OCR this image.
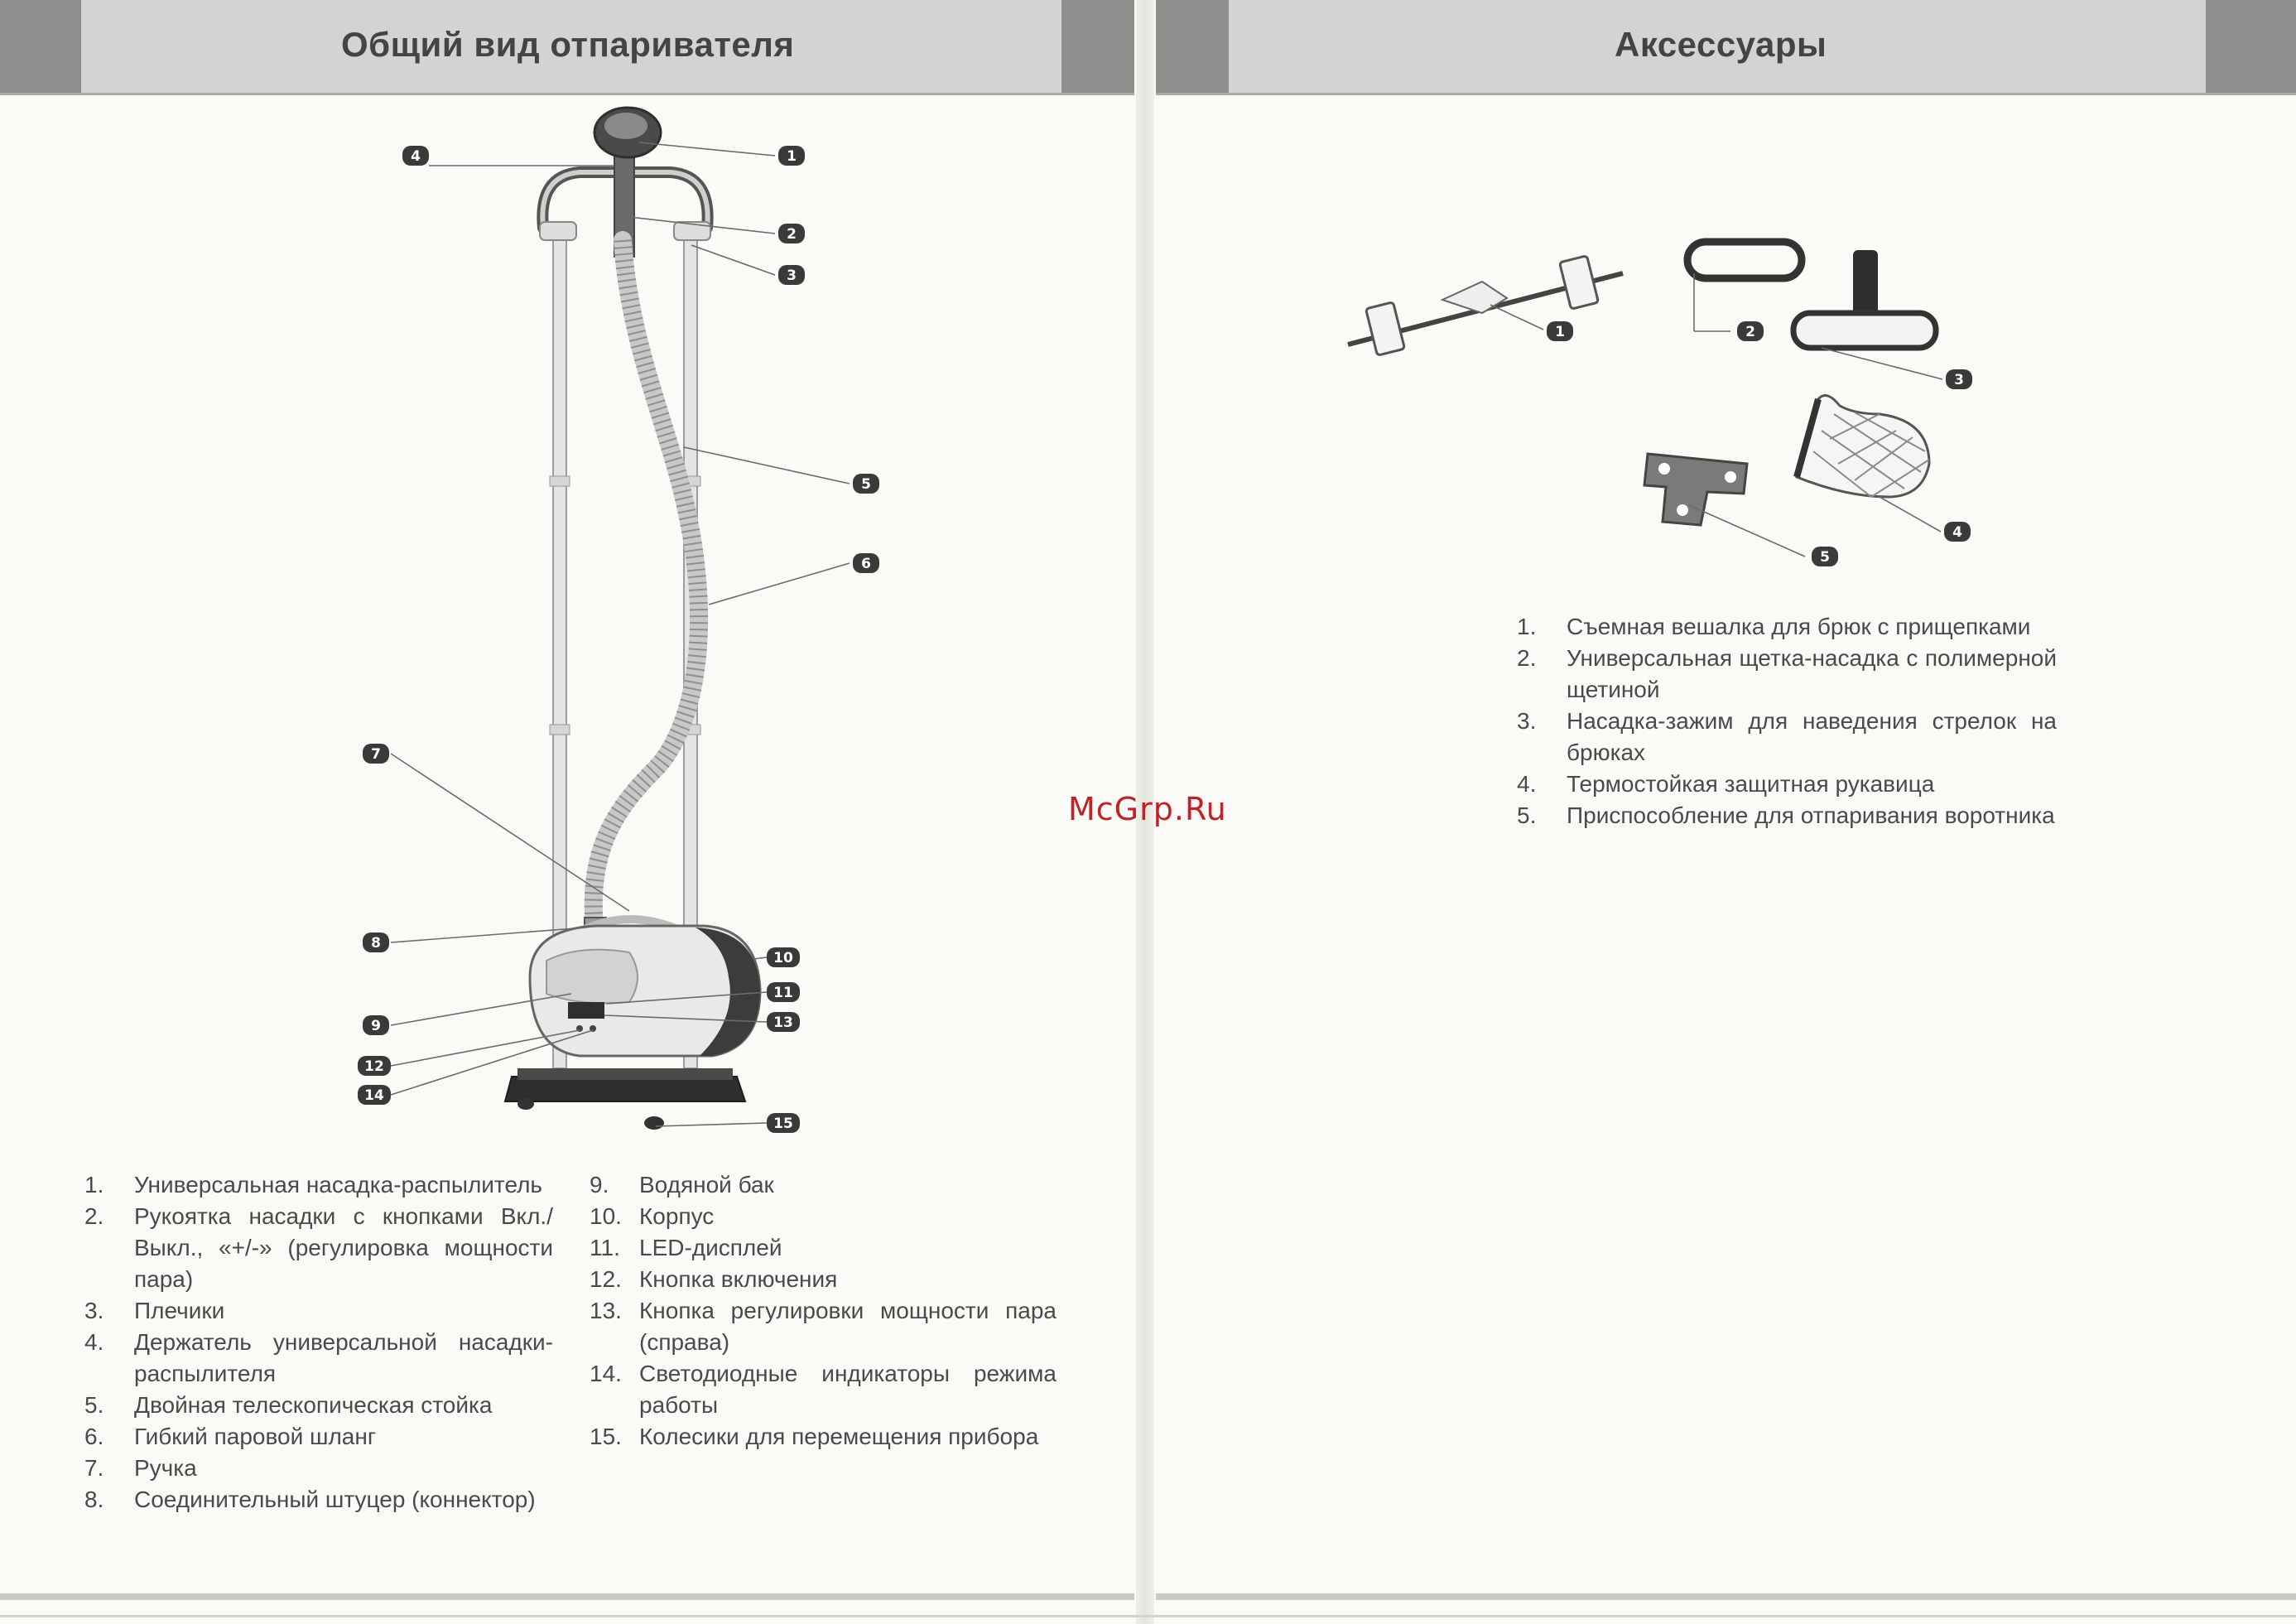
Общий вид отпаривателя	Аксессуары
4	1
2
3
5
6
7
8
10
11
9	13
12
14
15
1	2
3
4
5
1. Универсальная насадка-распылитель
2. Рукоятка насадки с кнопками Вкл./Выкл., «+/-» (регулировка мощности пара)
3. Плечики
4. Держатель универсальной насадки-распылителя
5. Двойная телескопическая стойка
6. Гибкий паровой шланг
7. Ручка
8. Соединительный штуцер (коннектор)
9. Водяной бак
10. Корпус
11. LED-дисплей
12. Кнопка включения
13. Кнопка регулировки мощности пара (справа)
14. Светодиодные индикаторы режима работы
15. Колесики для перемещения прибора
1. Съемная вешалка для брюк с прищепками
2. Универсальная щетка-насадка с полимерной щетиной
3. Насадка-зажим для наведения стрелок на брюках
4. Термостойкая защитная рукавица
5. Приспособление для отпаривания воротника
McGrp.Ru
